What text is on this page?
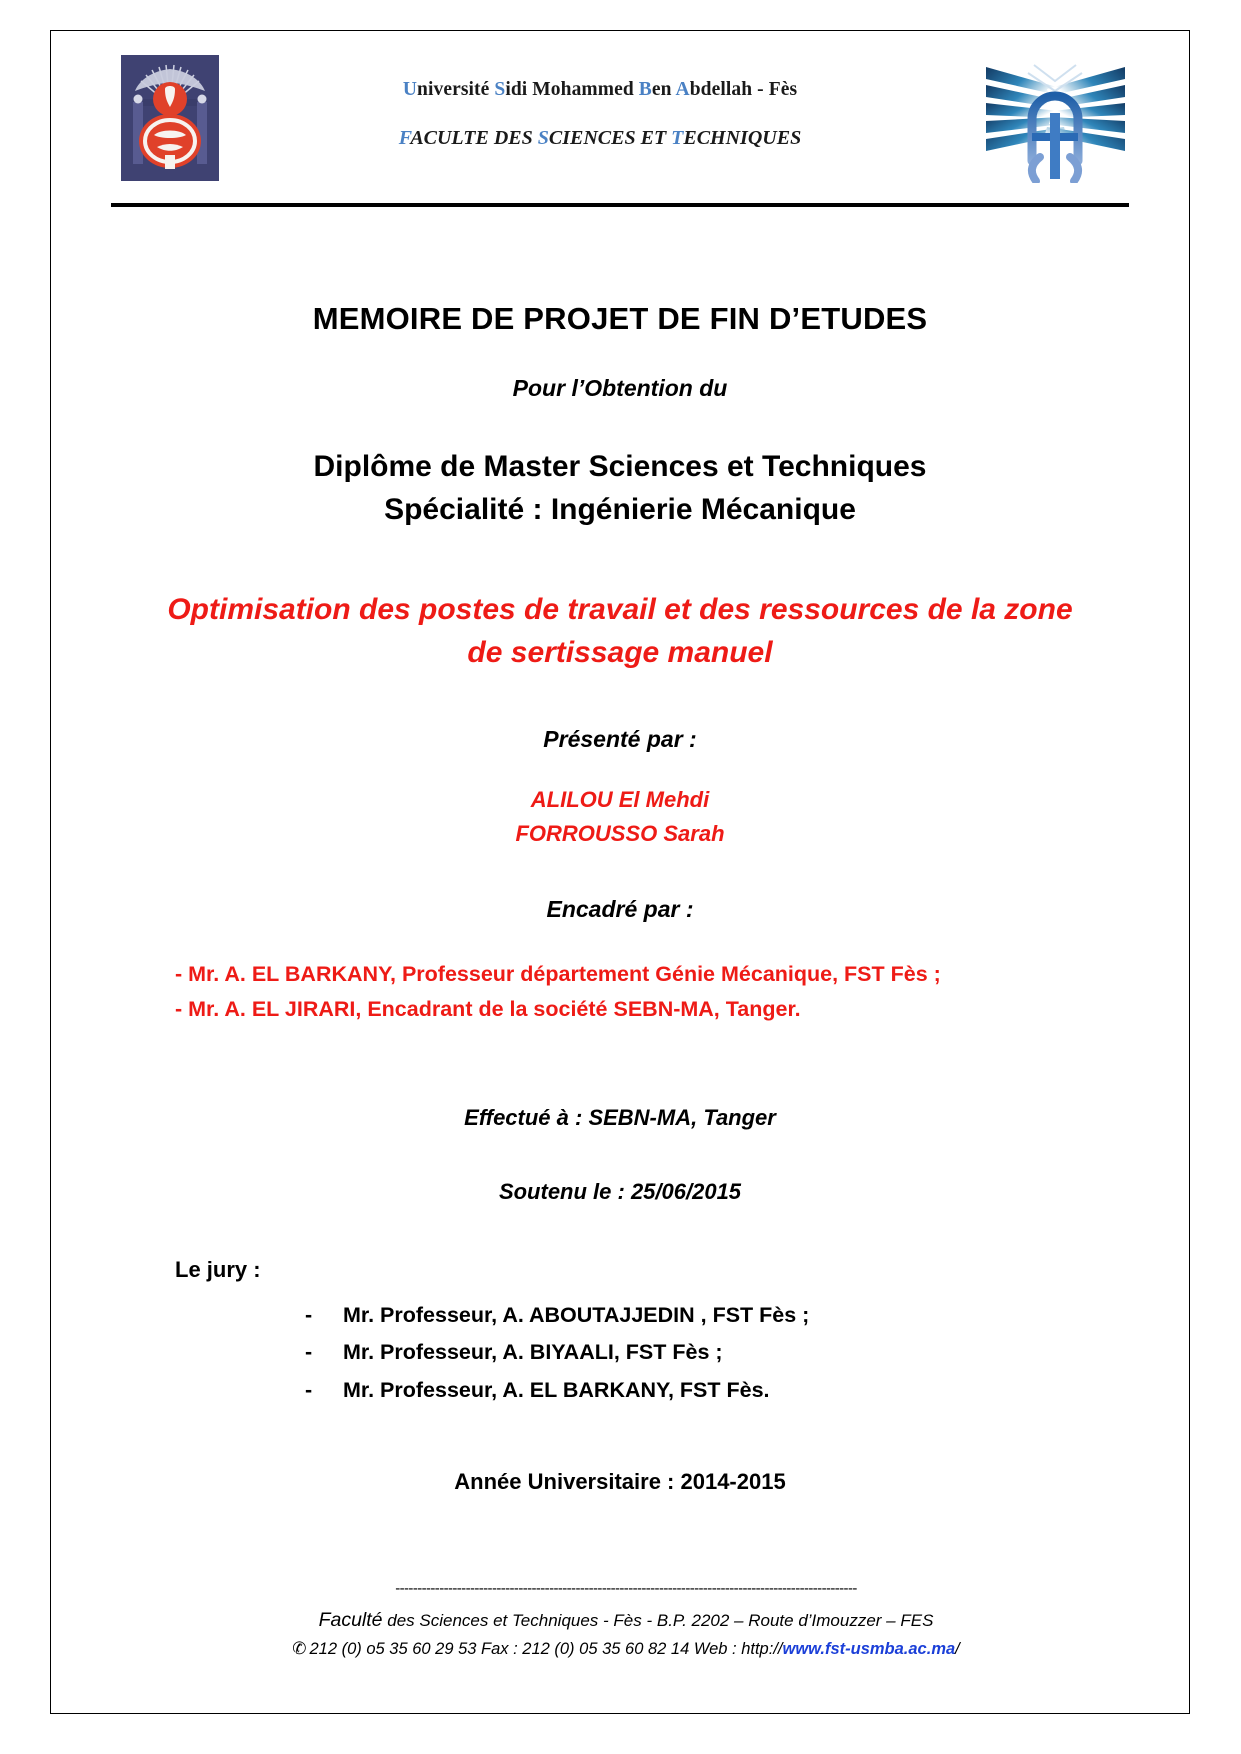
Université Sidi Mohammed Ben Abdellah - Fès
FACULTE DES SCIENCES ET TECHNIQUES
MEMOIRE DE PROJET DE FIN D’ETUDES
Pour l’Obtention du
Diplôme de Master Sciences et Techniques
Spécialité : Ingénierie Mécanique
Optimisation des postes de travail et des ressources de la zone
de sertissage manuel
Présenté par :
ALILOU El Mehdi
FORROUSSO Sarah
Encadré par :
- Mr. A. EL BARKANY, Professeur département Génie Mécanique, FST Fès ;
- Mr. A. EL JIRARI, Encadrant de la société SEBN-MA, Tanger.
Effectué à : SEBN-MA, Tanger
Soutenu le : 25/06/2015
Le jury :
-	Mr. Professeur, A. ABOUTAJJEDIN , FST Fès ;
-	Mr. Professeur, A. BIYAALI, FST Fès ;
-	Mr. Professeur, A. EL BARKANY, FST Fès.
Année Universitaire : 2014-2015
---------------------------------------------------------------------------------------------------------
Faculté des Sciences et Techniques - Fès - B.P. 2202 – Route d’Imouzzer – FES
✆ 212 (0) o5 35 60 29 53 Fax : 212 (0) 05 35 60 82 14 Web : http://www.fst-usmba.ac.ma/
